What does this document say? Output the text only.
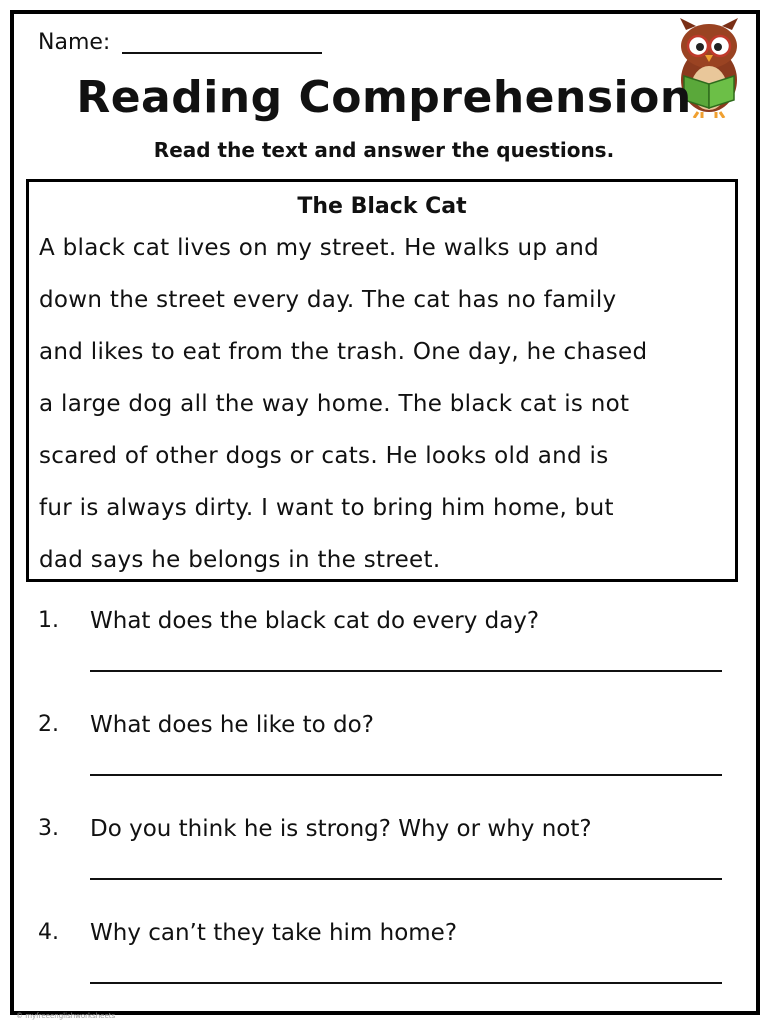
Name:
Reading Comprehension
Read the text and answer the questions.
The Black Cat
A black cat lives on my street. He walks up and
down the street every day. The cat has no family
and likes to eat from the trash. One day, he chased
a large dog all the way home. The black cat is not
scared of other dogs or cats. He looks old and is
fur is always dirty. I want to bring him home, but
dad says he belongs in the street.
1. What does the black cat do every day?
2. What does he like to do?
3. Do you think he is strong? Why or why not?
4. Why can’t they take him home?
© myfreeenglishworksheets
